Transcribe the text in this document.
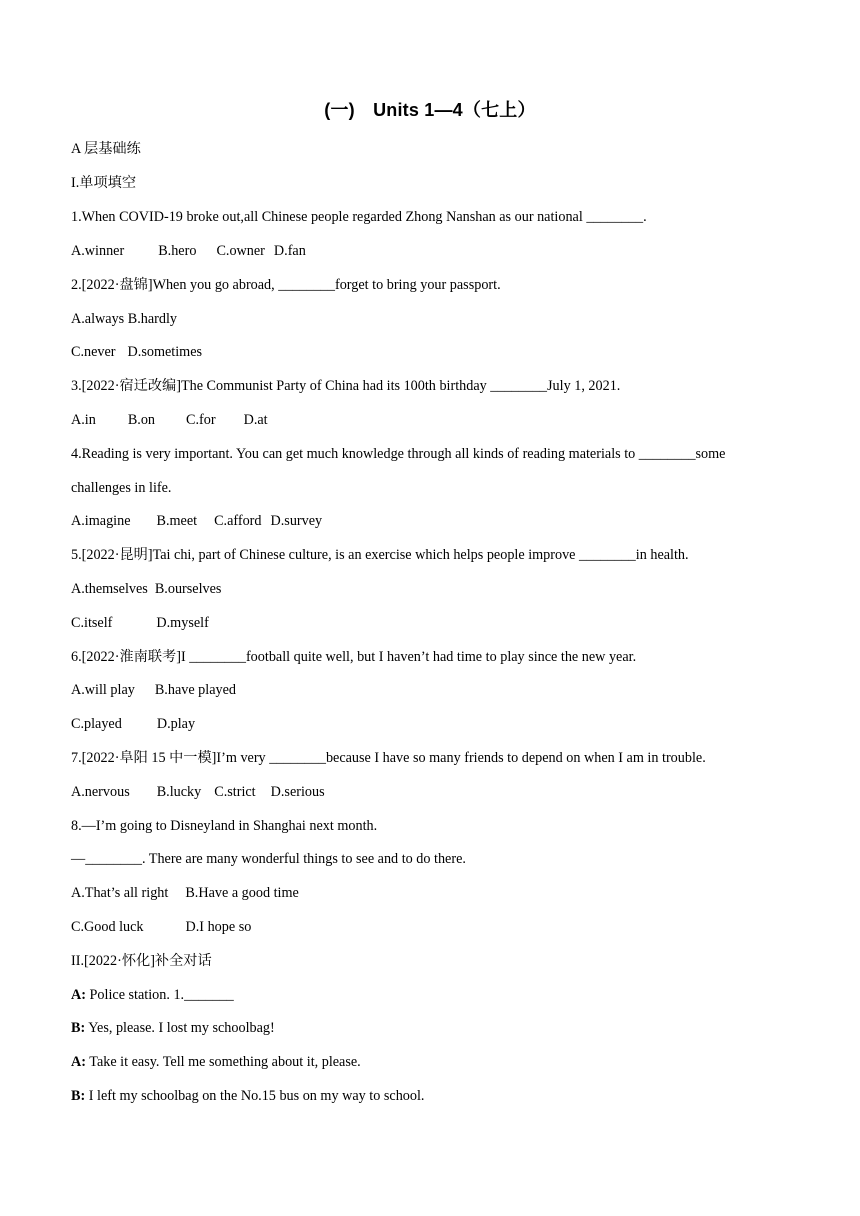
(一)　Units 1—4（七上）
A 层基础练
I.单项填空
1.When COVID-19 broke out,all Chinese people regarded Zhong Nanshan as our national ________.
A.winner B.hero C.owner D.fan
2.[2022·盘锦]When you go abroad, ________forget to bring your passport.
A.always B.hardly
C.never D.sometimes
3.[2022·宿迁改编]The Communist Party of China had its 100th birthday ________July 1, 2021.
A.in B.on C.for D.at
4.Reading is very important. You can get much knowledge through all kinds of reading materials to ________some
challenges in life.
A.imagine B.meet C.afford D.survey
5.[2022·昆明]Tai chi, part of Chinese culture, is an exercise which helps people improve ________in health.
A.themselves B.ourselves
C.itself	D.myself
6.[2022·淮南联考]I ________football quite well, but I haven’t had time to play since the new year.
A.will play B.have played
C.played D.play
7.[2022·阜阳 15 中一模]I’m very ________because I have so many friends to depend on when I am in trouble.
A.nervous B.lucky C.strict D.serious
8.—I’m going to Disneyland in Shanghai next month.
—________. There are many wonderful things to see and to do there.
A.That’s all right B.Have a good time
C.Good luck	D.I hope so
II.[2022·怀化]补全对话
A: Police station. 1._______
B: Yes, please. I lost my schoolbag!
A: Take it easy. Tell me something about it, please.
B: I left my schoolbag on the No.15 bus on my way to school.
